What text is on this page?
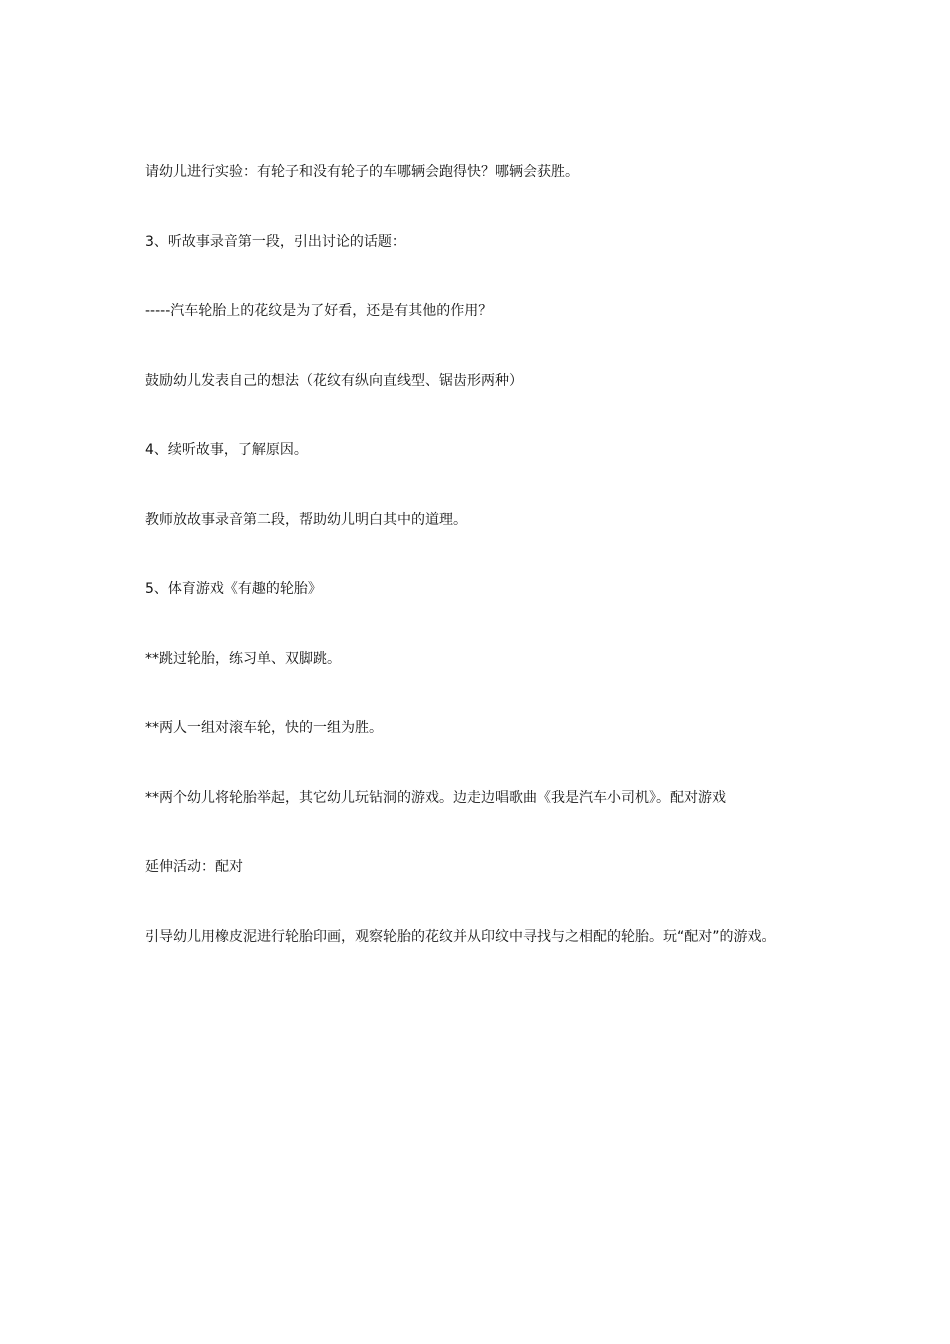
请幼儿进行实验：有轮子和没有轮子的车哪辆会跑得快？哪辆会获胜。

3、听故事录音第一段，引出讨论的话题：

-----汽车轮胎上的花纹是为了好看，还是有其他的作用？

鼓励幼儿发表自己的想法（花纹有纵向直线型、锯齿形两种）

4、续听故事，了解原因。

教师放故事录音第二段，帮助幼儿明白其中的道理。

5、体育游戏《有趣的轮胎》

**跳过轮胎，练习单、双脚跳。

**两人一组对滚车轮，快的一组为胜。

**两个幼儿将轮胎举起，其它幼儿玩钻洞的游戏。边走边唱歌曲《我是汽车小司机》。配对游戏

延伸活动：配对

引导幼儿用橡皮泥进行轮胎印画，观察轮胎的花纹并从印纹中寻找与之相配的轮胎。玩“配对”的游戏。
